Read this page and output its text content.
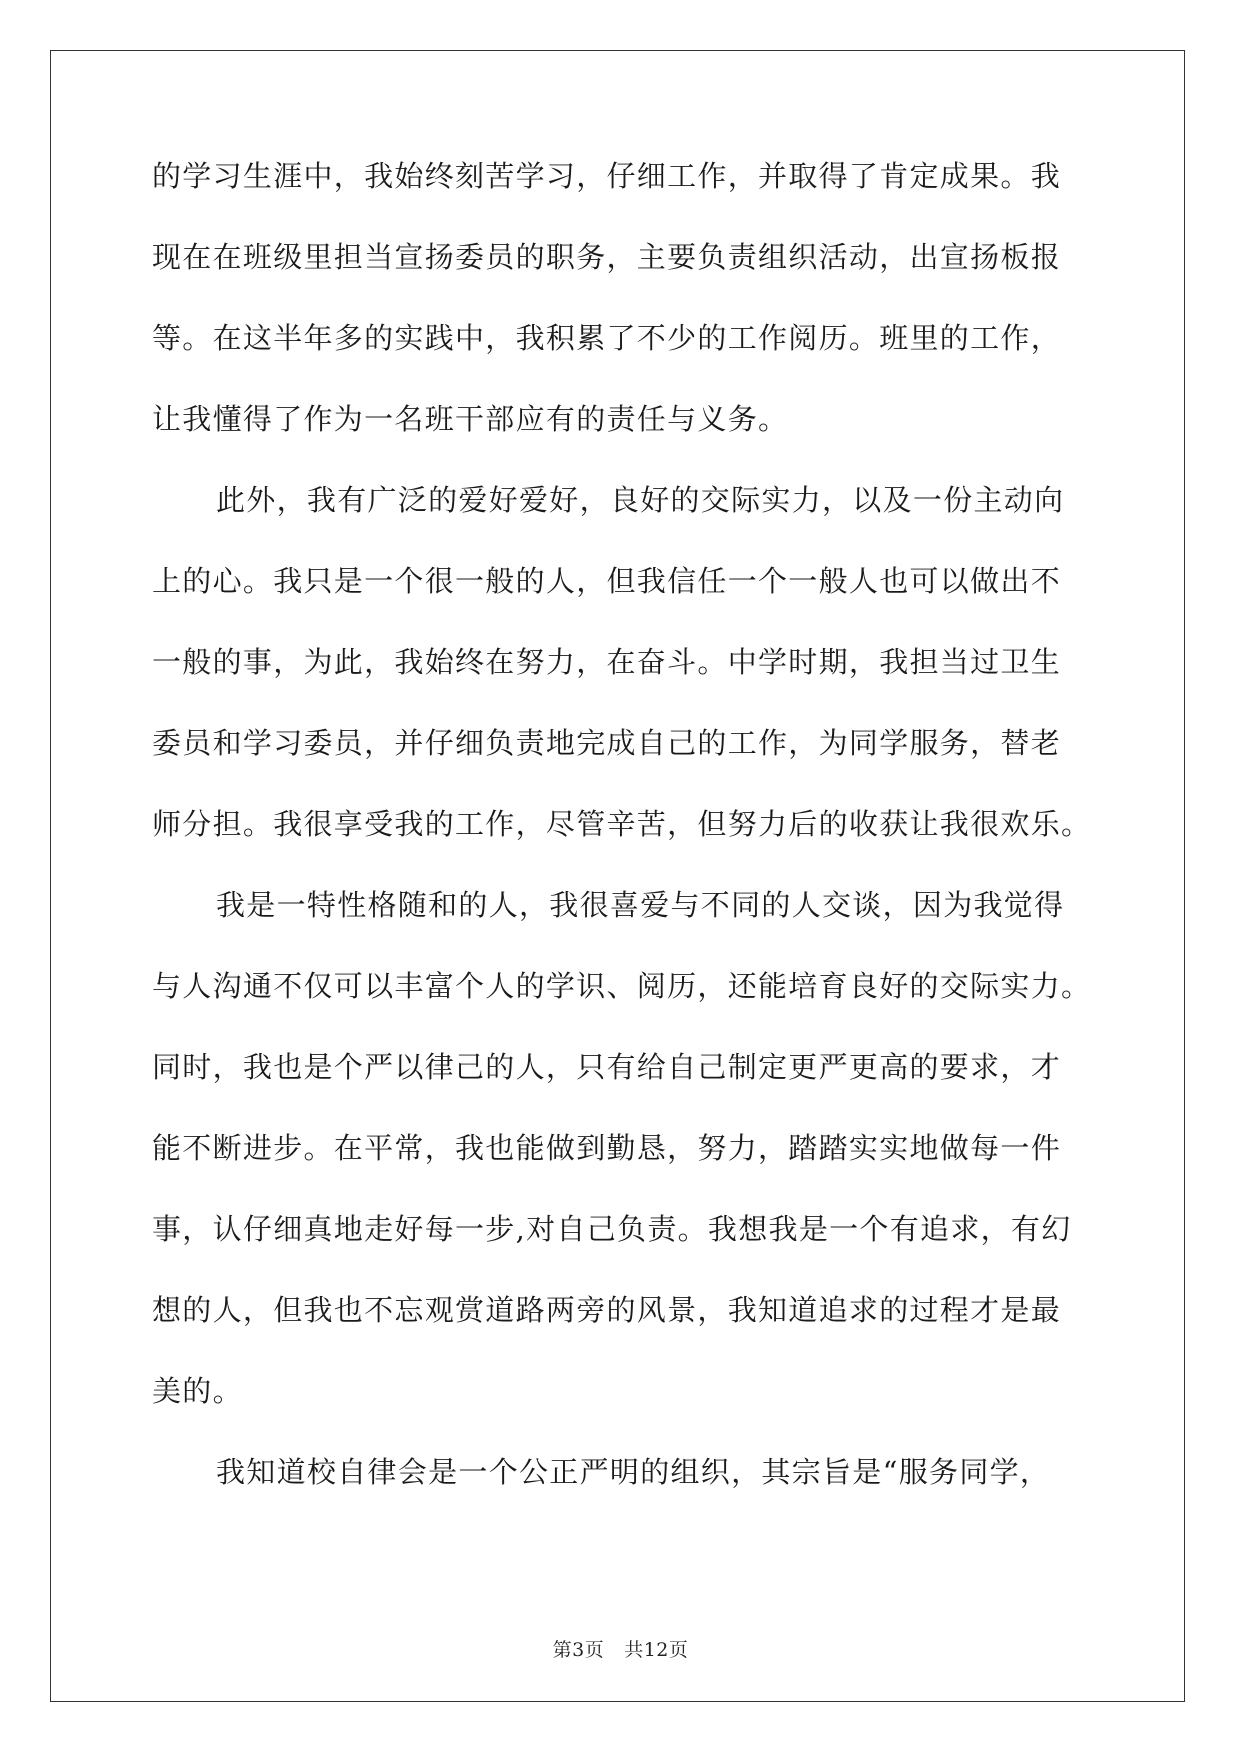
的学习生涯中，我始终刻苦学习，仔细工作，并取得了肯定成果。我
现在在班级里担当宣扬委员的职务，主要负责组织活动，出宣扬板报
等。在这半年多的实践中，我积累了不少的工作阅历。班里的工作，
让我懂得了作为一名班干部应有的责任与义务。
此外，我有广泛的爱好爱好，良好的交际实力，以及一份主动向
上的心。我只是一个很一般的人，但我信任一个一般人也可以做出不
一般的事，为此，我始终在努力，在奋斗。中学时期，我担当过卫生
委员和学习委员，并仔细负责地完成自己的工作，为同学服务，替老
师分担。我很享受我的工作，尽管辛苦，但努力后的收获让我很欢乐。
我是一特性格随和的人，我很喜爱与不同的人交谈，因为我觉得
与人沟通不仅可以丰富个人的学识、阅历，还能培育良好的交际实力。
同时，我也是个严以律己的人，只有给自己制定更严更高的要求，才
能不断进步。在平常，我也能做到勤恳，努力，踏踏实实地做每一件
事，认仔细真地走好每一步,对自己负责。我想我是一个有追求，有幻
想的人，但我也不忘观赏道路两旁的风景，我知道追求的过程才是最
美的。
我知道校自律会是一个公正严明的组织，其宗旨是“服务同学，
第3页 共12页
